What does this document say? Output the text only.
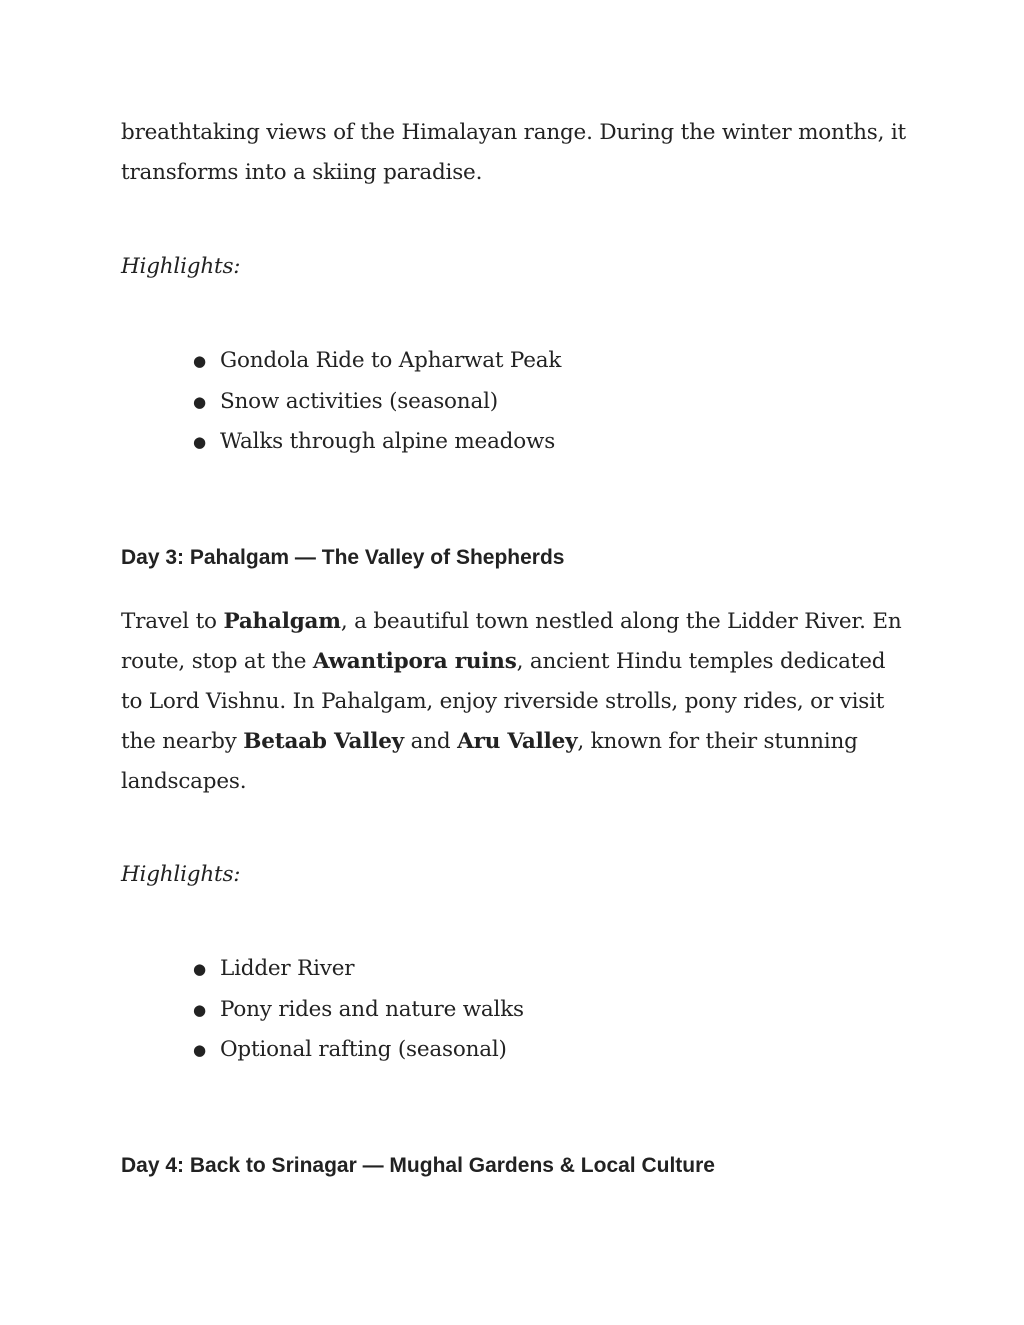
breathtaking views of the Himalayan range. During the winter months, it transforms into a skiing paradise.

Highlights:

● Gondola Ride to Apharwat Peak
● Snow activities (seasonal)
● Walks through alpine meadows
Day 3: Pahalgam — The Valley of Shepherds

Travel to Pahalgam, a beautiful town nestled along the Lidder River. En route, stop at the Awantipora ruins, ancient Hindu temples dedicated to Lord Vishnu. In Pahalgam, enjoy riverside strolls, pony rides, or visit the nearby Betaab Valley and Aru Valley, known for their stunning landscapes.

Highlights:

● Lidder River
● Pony rides and nature walks
● Optional rafting (seasonal)
Day 4: Back to Srinagar — Mughal Gardens & Local Culture
